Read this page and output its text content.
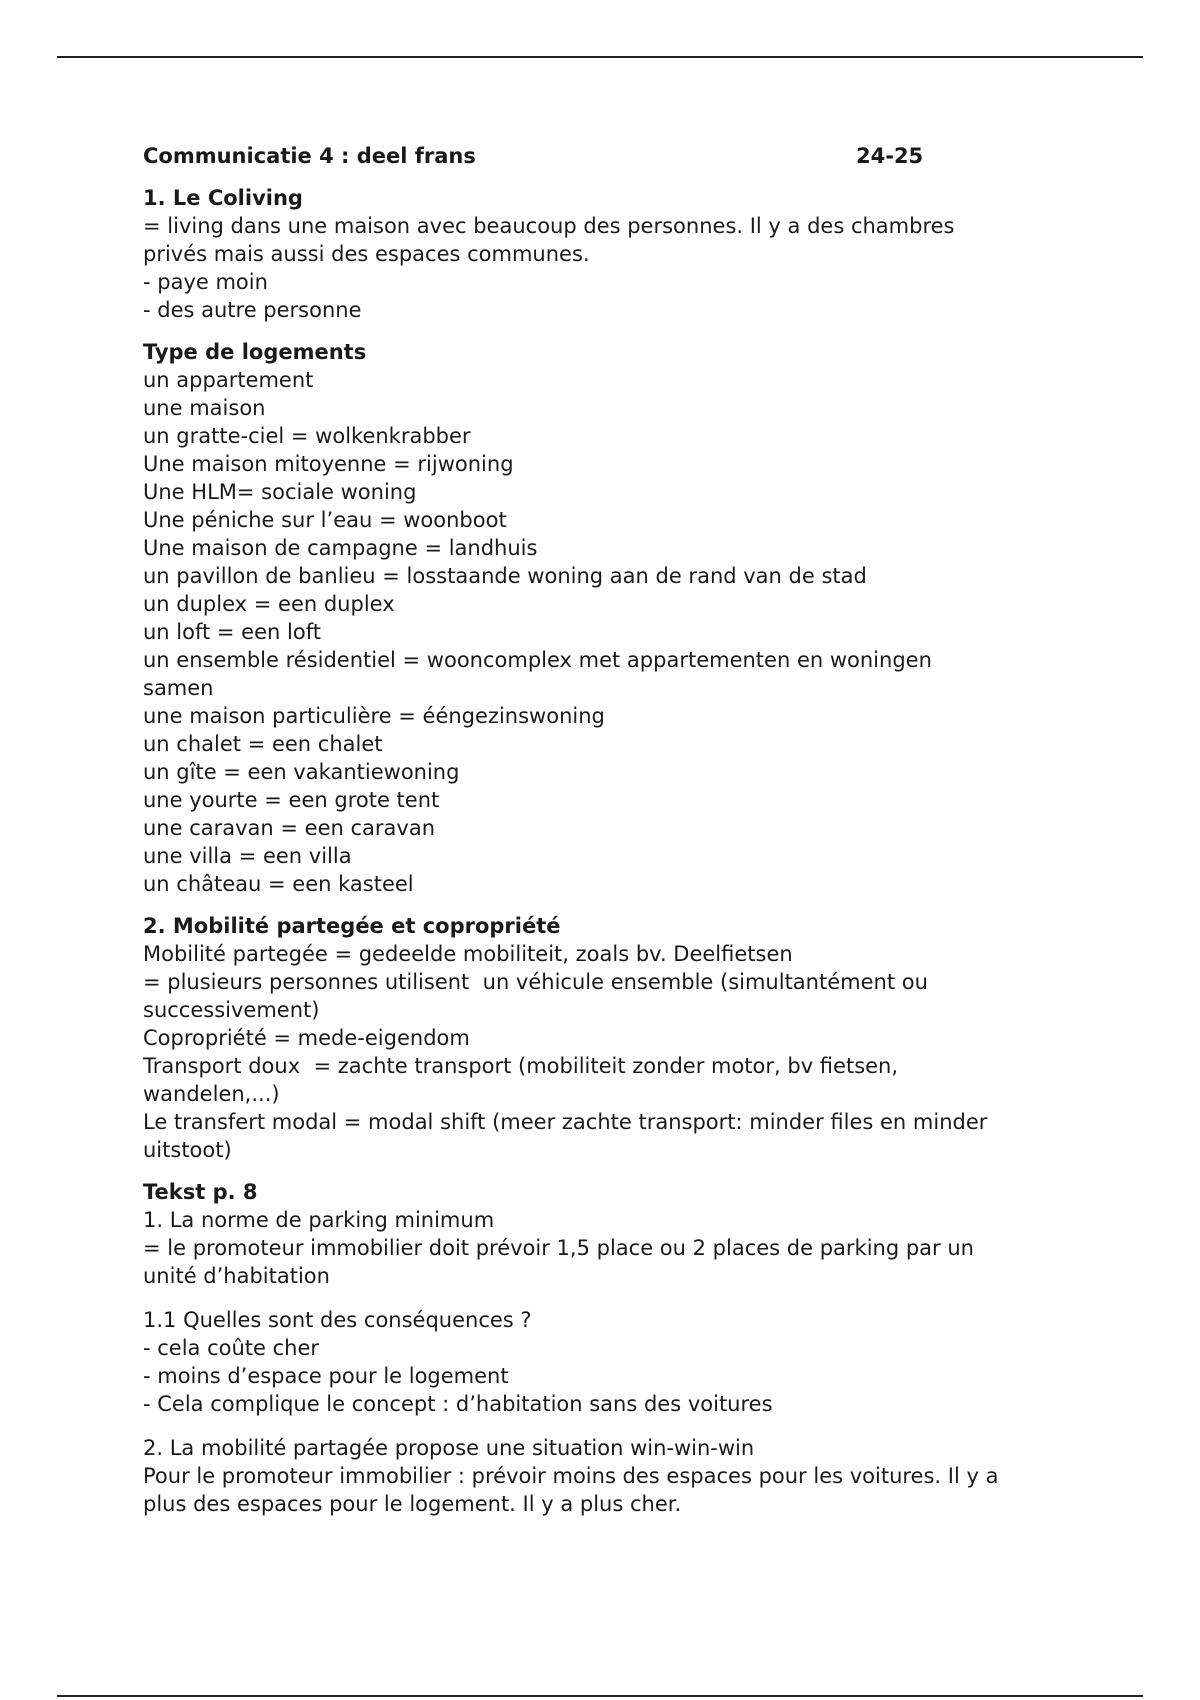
Communicatie 4 : deel frans	24-25
1. Le Coliving
= living dans une maison avec beaucoup des personnes. Il y a des chambres
privés mais aussi des espaces communes.
- paye moin
- des autre personne
Type de logements
un appartement
une maison
un gratte-ciel = wolkenkrabber
Une maison mitoyenne = rijwoning
Une HLM= sociale woning
Une péniche sur l’eau = woonboot
Une maison de campagne = landhuis
un pavillon de banlieu = losstaande woning aan de rand van de stad
un duplex = een duplex
un loft = een loft
un ensemble résidentiel = wooncomplex met appartementen en woningen
samen
une maison particulière = ééngezinswoning
un chalet = een chalet
un gîte = een vakantiewoning
une yourte = een grote tent
une caravan = een caravan
une villa = een villa
un château = een kasteel
2. Mobilité partegée et copropriété
Mobilité partegée = gedeelde mobiliteit, zoals bv. Deelfietsen
= plusieurs personnes utilisent  un véhicule ensemble (simultantément ou
successivement)
Copropriété = mede-eigendom
Transport doux  = zachte transport (mobiliteit zonder motor, bv fietsen,
wandelen,...)
Le transfert modal = modal shift (meer zachte transport: minder files en minder
uitstoot)
Tekst p. 8
1. La norme de parking minimum
= le promoteur immobilier doit prévoir 1,5 place ou 2 places de parking par un
unité d’habitation
1.1 Quelles sont des conséquences ?
- cela coûte cher
- moins d’espace pour le logement
- Cela complique le concept : d’habitation sans des voitures
2. La mobilité partagée propose une situation win-win-win
Pour le promoteur immobilier : prévoir moins des espaces pour les voitures. Il y a
plus des espaces pour le logement. Il y a plus cher.
